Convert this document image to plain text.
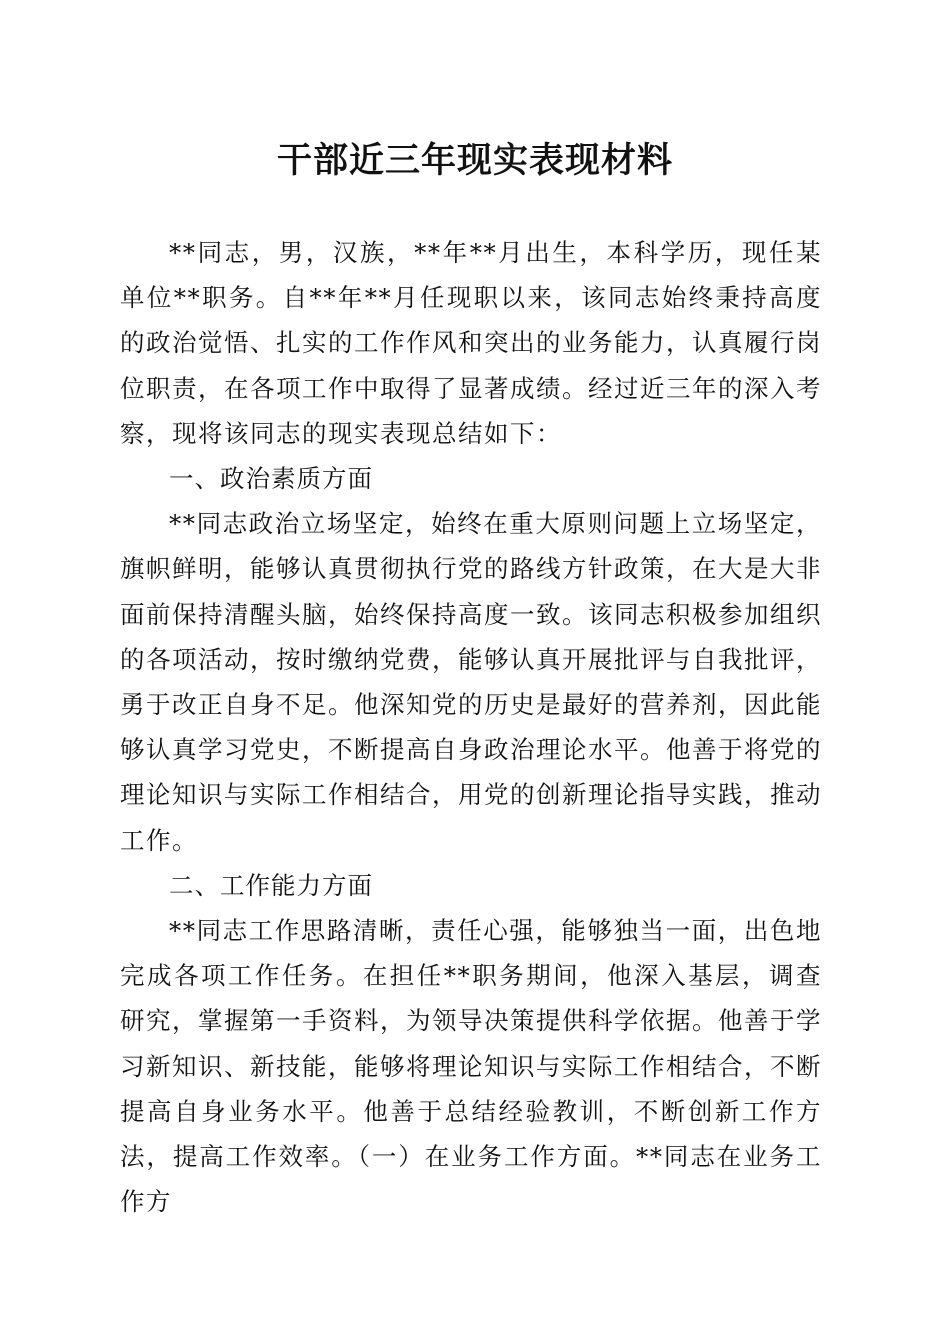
干部近三年现实表现材料

**同志，男，汉族，**年**月出生，本科学历，现任某单位**职务。自**年**月任现职以来，该同志始终秉持高度的政治觉悟、扎实的工作作风和突出的业务能力，认真履行岗位职责，在各项工作中取得了显著成绩。经过近三年的深入考察，现将该同志的现实表现总结如下：

一、政治素质方面

**同志政治立场坚定，始终在重大原则问题上立场坚定，旗帜鲜明，能够认真贯彻执行党的路线方针政策，在大是大非面前保持清醒头脑，始终保持高度一致。该同志积极参加组织的各项活动，按时缴纳党费，能够认真开展批评与自我批评，勇于改正自身不足。他深知党的历史是最好的营养剂，因此能够认真学习党史，不断提高自身政治理论水平。他善于将党的理论知识与实际工作相结合，用党的创新理论指导实践，推动工作。

二、工作能力方面

**同志工作思路清晰，责任心强，能够独当一面，出色地完成各项工作任务。在担任**职务期间，他深入基层，调查研究，掌握第一手资料，为领导决策提供科学依据。他善于学习新知识、新技能，能够将理论知识与实际工作相结合，不断提高自身业务水平。他善于总结经验教训，不断创新工作方法，提高工作效率。（一）在业务工作方面。**同志在业务工作方
